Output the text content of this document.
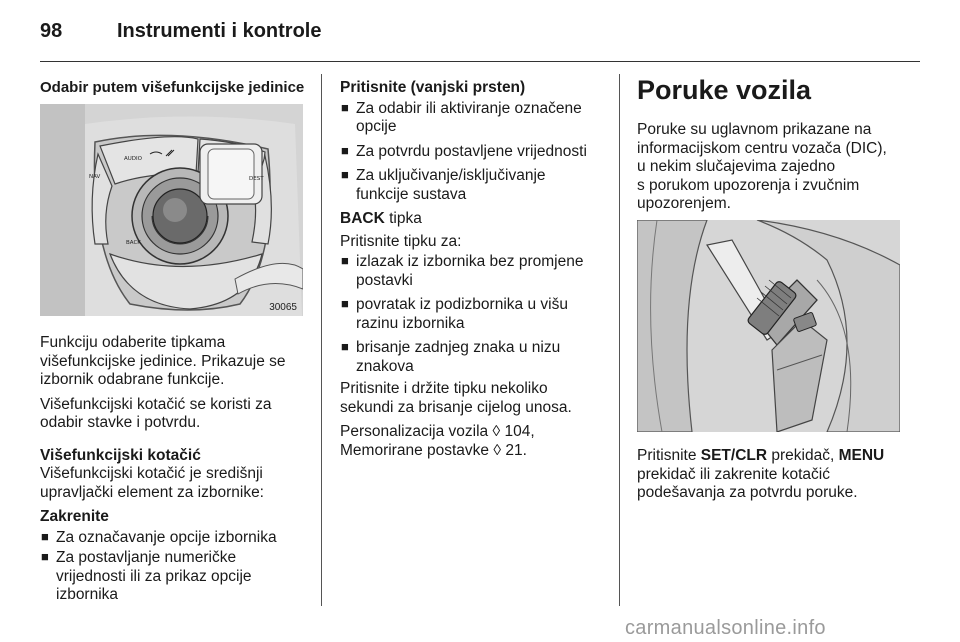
98	Instrumenti i kontrole

Odabir putem višefunkcijske jedinice

AUDIO
NAV	DEST
BACK
30065

Funkciju odaberite tipkama
višefunkcijske jedinice. Prikazuje se
izbornik odabrane funkcije.

Višefunkcijski kotačić se koristi za
odabir stavke i potvrdu.

Višefunkcijski kotačić

Višefunkcijski kotačić je središnji
upravljački element za izbornike:

Zakrenite

■ Za označavanje opcije izbornika
■ Za postavljanje numeričke
vrijednosti ili za prikaz opcije
izbornika

Pritisnite (vanjski prsten)

■ Za odabir ili aktiviranje označene
opcije
■ Za potvrdu postavljene vrijednosti
■ Za uključivanje/isključivanje
funkcije sustava

BACK tipka

Pritisnite tipku za:

■ izlazak iz izbornika bez promjene
postavki
■ povratak iz podizbornika u višu
razinu izbornika
■ brisanje zadnjeg znaka u nizu
znakova

Pritisnite i držite tipku nekoliko
sekundi za brisanje cijelog unosa.

Personalizacija vozila ◊ 104,
Memorirane postavke ◊ 21.

Poruke vozila

Poruke su uglavnom prikazane na
informacijskom centru vozača (DIC),
u nekim slučajevima zajedno
s porukom upozorenja i zvučnim
upozorenjem.

Pritisnite SET/CLR prekidač, MENU
prekidač ili zakrenite kotačić
podešavanja za potvrdu poruke.

carmanualsonline.info
